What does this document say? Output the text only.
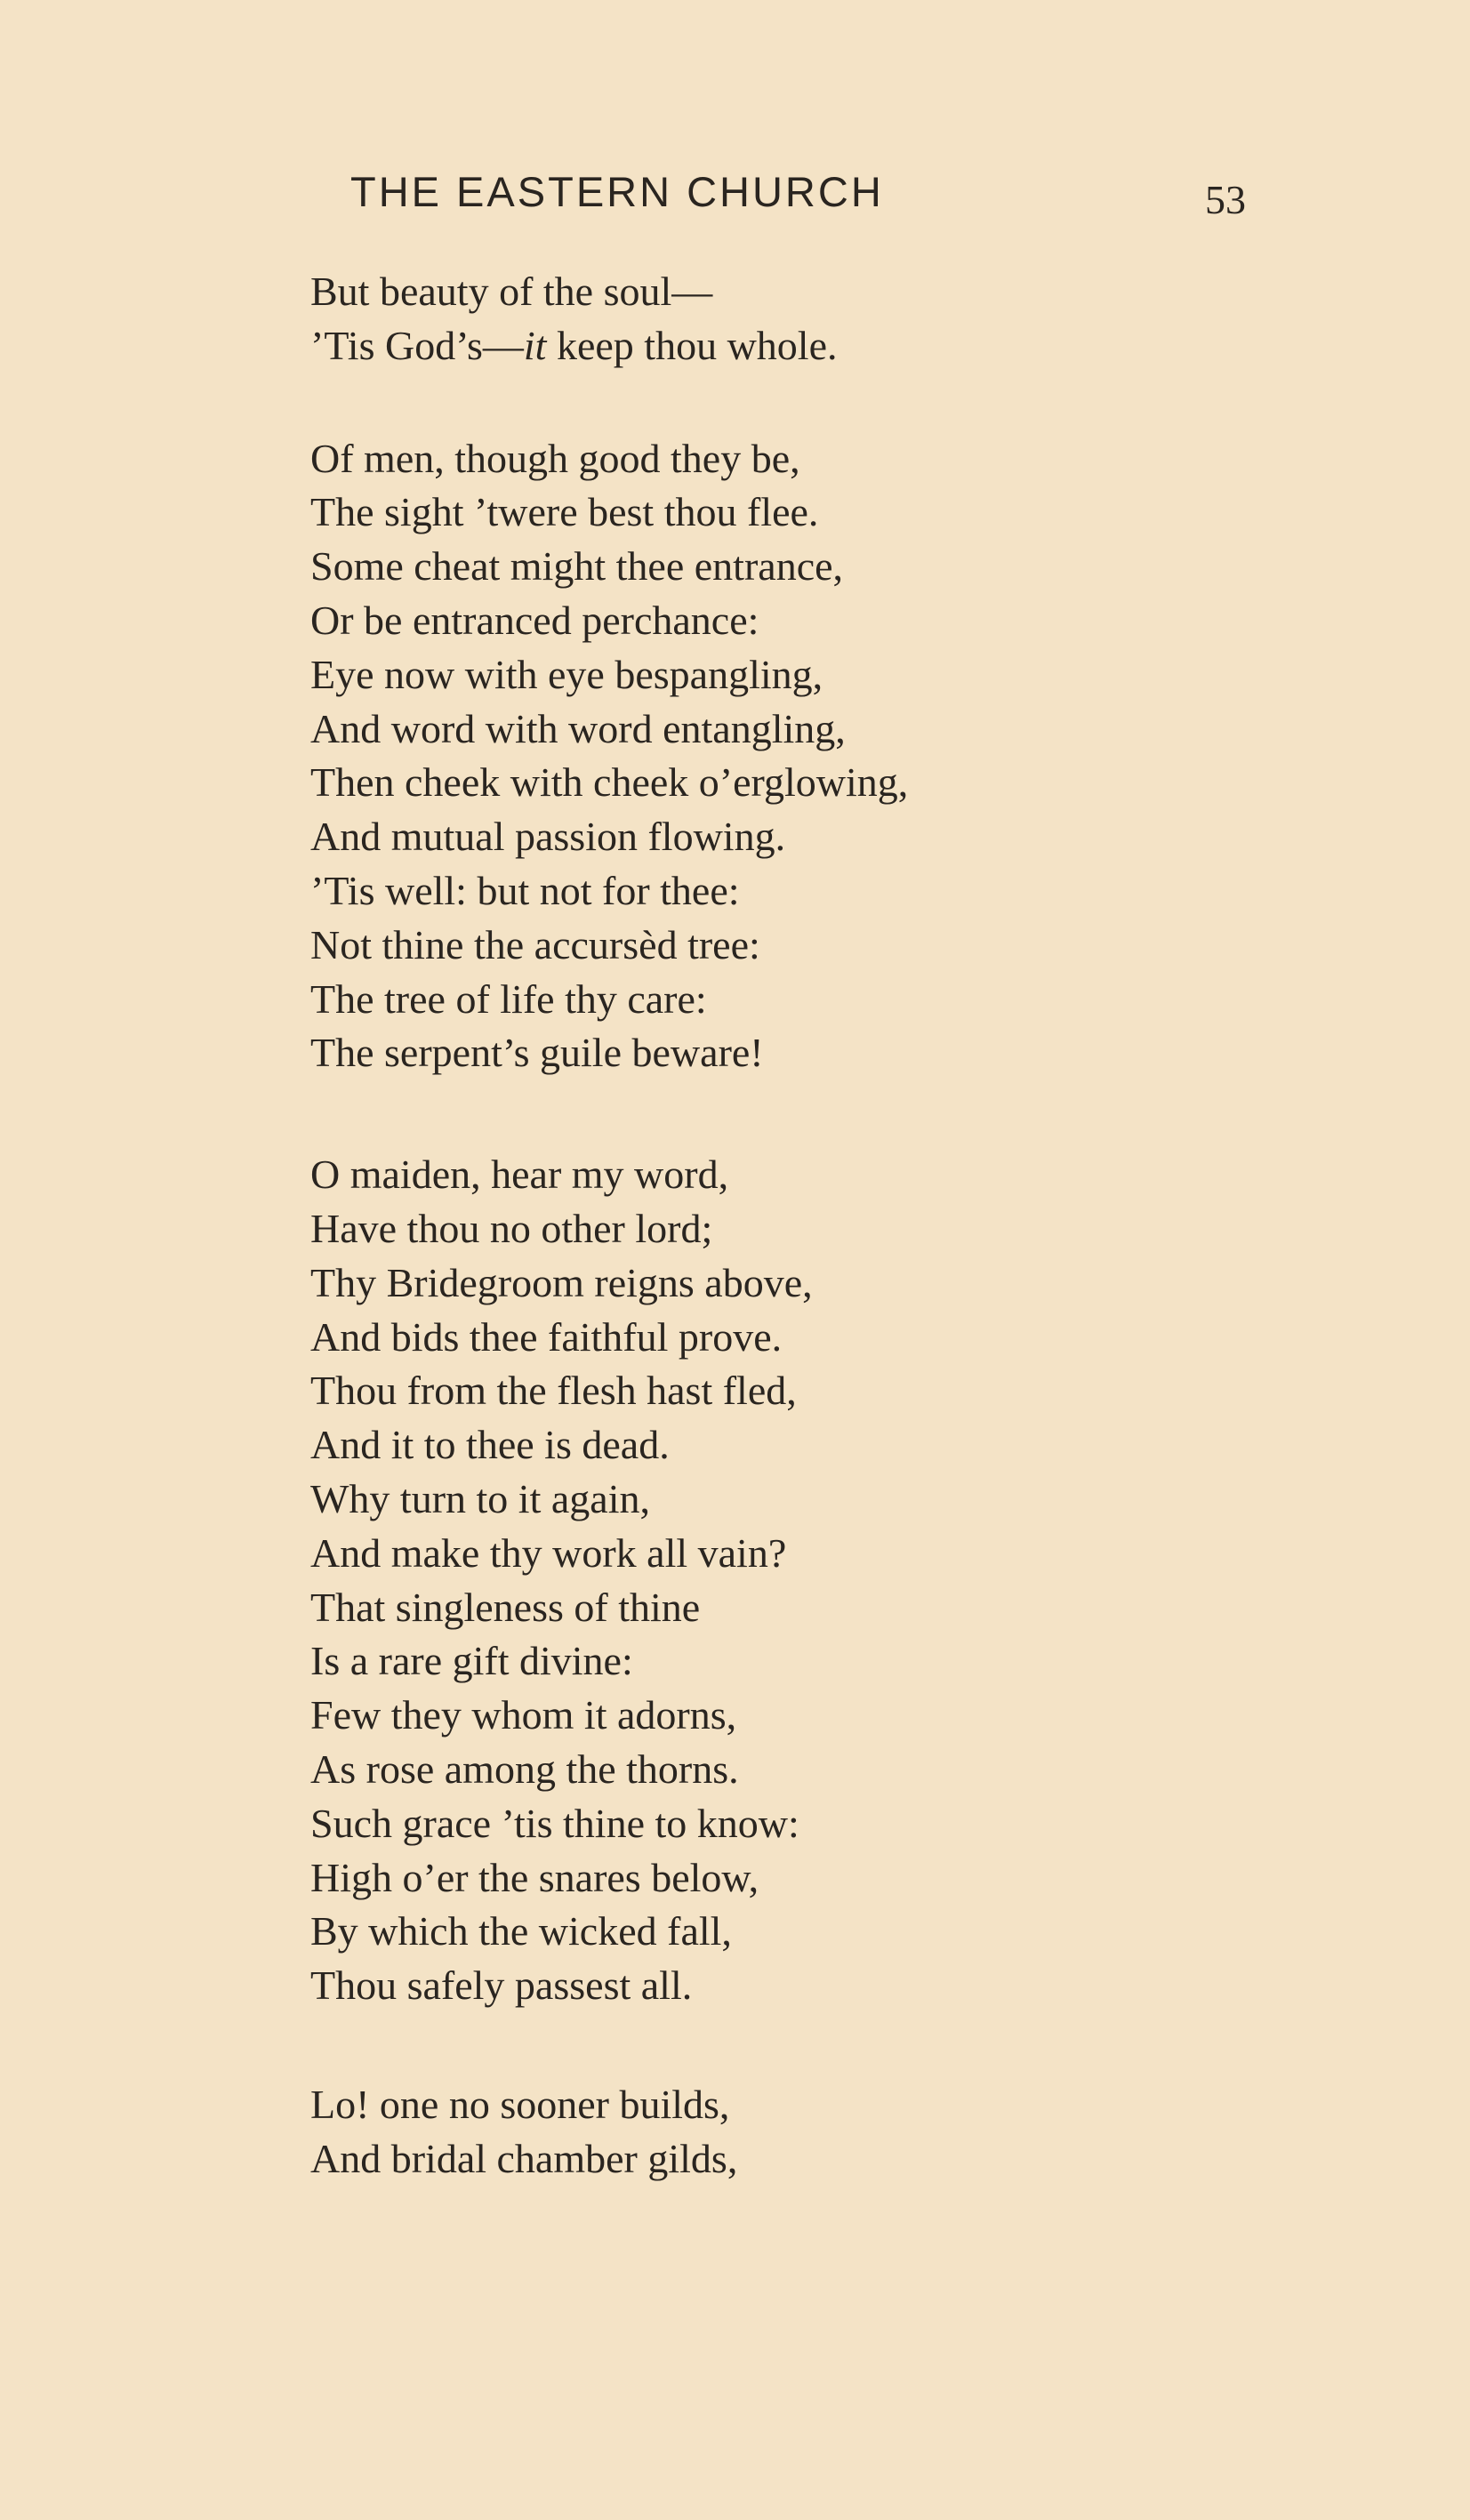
THE EASTERN CHURCH	53
But beauty of the soul—
’Tis God’s—it keep thou whole.
Of men, though good they be,
The sight ’twere best thou flee.
Some cheat might thee entrance,
Or be entranced perchance:
Eye now with eye bespangling,
And word with word entangling,
Then cheek with cheek o’erglowing,
And mutual passion flowing.
’Tis well: but not for thee:
Not thine the accursèd tree:
The tree of life thy care:
The serpent’s guile beware!
O maiden, hear my word,
Have thou no other lord;
Thy Bridegroom reigns above,
And bids thee faithful prove.
Thou from the flesh hast fled,
And it to thee is dead.
Why turn to it again,
And make thy work all vain?
That singleness of thine
Is a rare gift divine:
Few they whom it adorns,
As rose among the thorns.
Such grace ’tis thine to know:
High o’er the snares below,
By which the wicked fall,
Thou safely passest all.
Lo! one no sooner builds,
And bridal chamber gilds,
